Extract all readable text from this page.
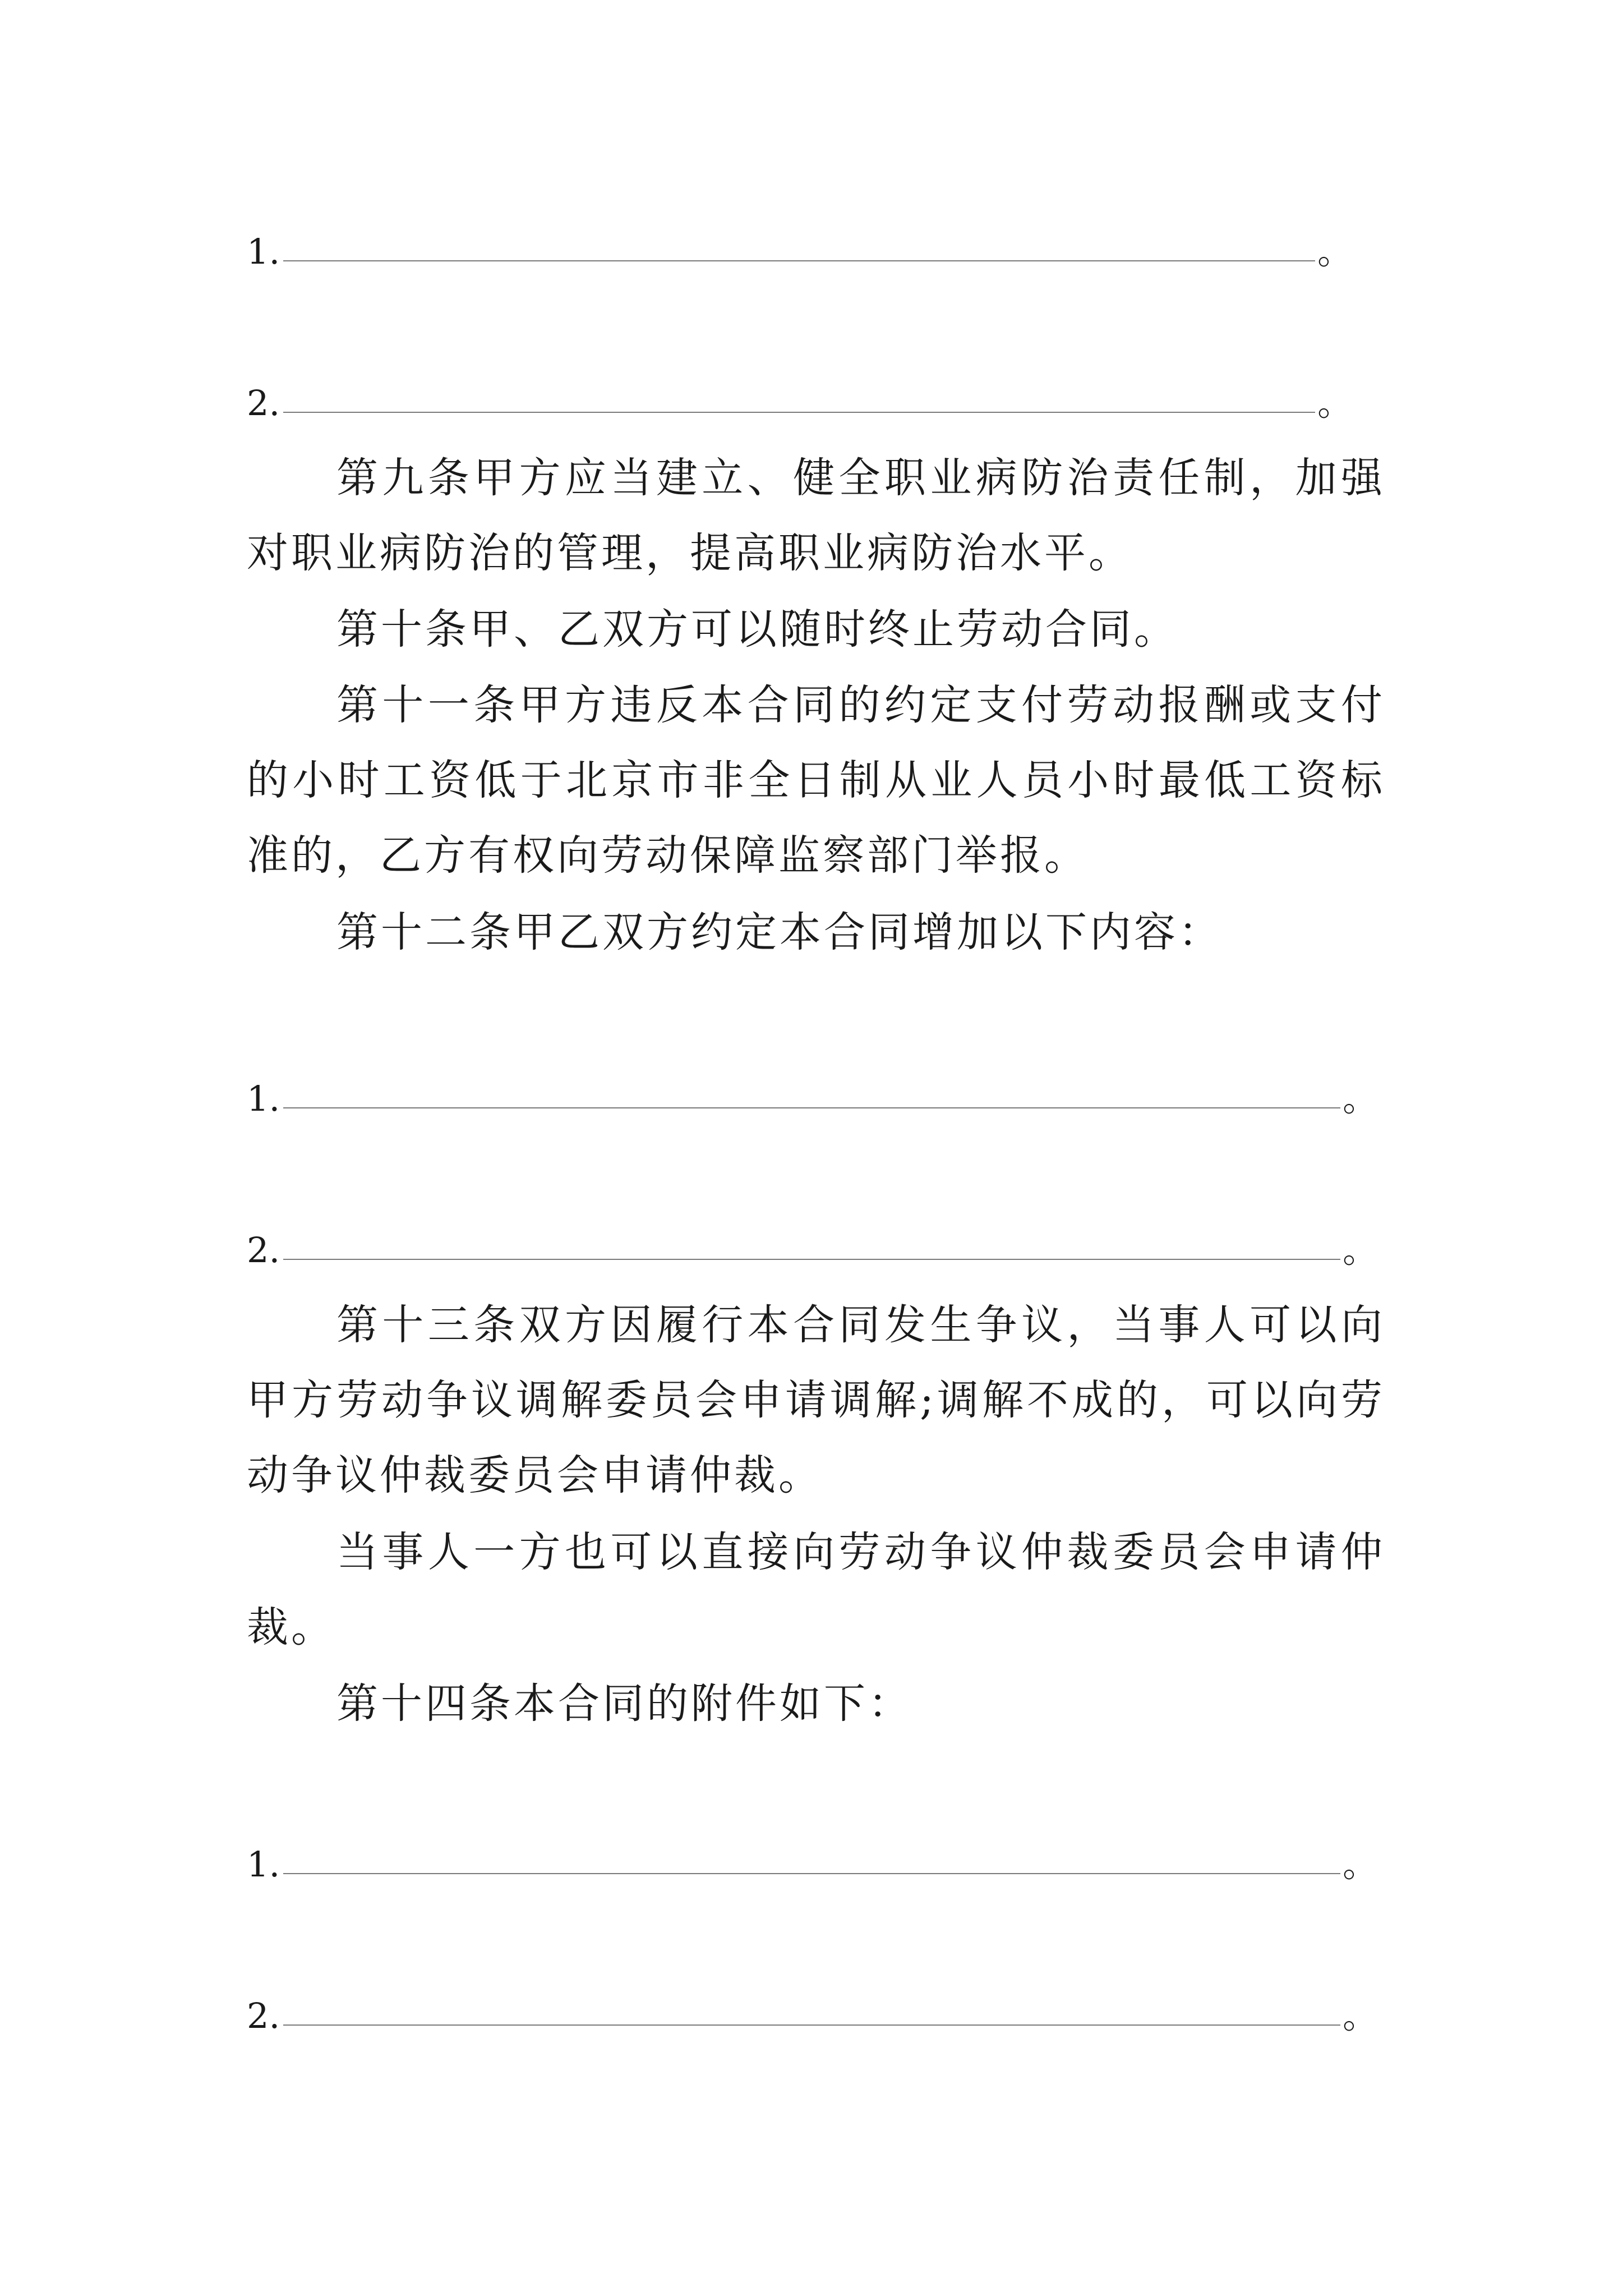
1.	。
2.	。

第九条甲方应当建立、健全职业病防治责任制，加强对职业病防治的管理，提高职业病防治水平。

第十条甲、乙双方可以随时终止劳动合同。

第十一条甲方违反本合同的约定支付劳动报酬或支付的小时工资低于北京市非全日制从业人员小时最低工资标准的，乙方有权向劳动保障监察部门举报。

第十二条甲乙双方约定本合同增加以下内容：

1.	。
2.	。

第十三条双方因履行本合同发生争议，当事人可以向甲方劳动争议调解委员会申请调解;调解不成的，可以向劳动争议仲裁委员会申请仲裁。

当事人一方也可以直接向劳动争议仲裁委员会申请仲裁。

第十四条本合同的附件如下：

1.	。
2.	。
